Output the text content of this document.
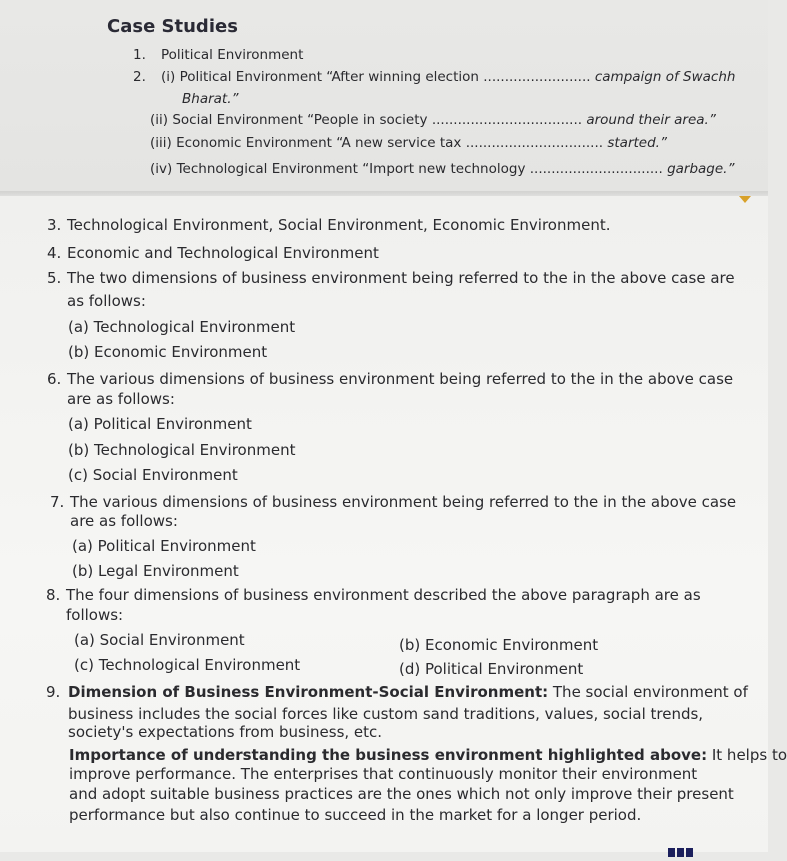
Case Studies
1. Political Environment
2. (i) Political Environment “After winning election ......................... campaign of Swachh
Bharat.”
(ii) Social Environment “People in society ................................... around their area.”
(iii) Economic Environment “A new service tax ................................ started.”
(iv) Technological Environment “Import new technology ............................... garbage.”
3. Technological Environment, Social Environment, Economic Environment.
4. Economic and Technological Environment
5. The two dimensions of business environment being referred to the in the above case are
as follows:
(a) Technological Environment
(b) Economic Environment
6. The various dimensions of business environment being referred to the in the above case
are as follows:
(a) Political Environment
(b) Technological Environment
(c) Social Environment
7. The various dimensions of business environment being referred to the in the above case
are as follows:
(a) Political Environment
(b) Legal Environment
8. The four dimensions of business environment described the above paragraph are as
follows:
(a) Social Environment	(b) Economic Environment
(c) Technological Environment	(d) Political Environment
9. Dimension of Business Environment-Social Environment: The social environment of
business includes the social forces like custom sand traditions, values, social trends,
society's expectations from business, etc.
Importance of understanding the business environment highlighted above: It helps to
improve performance. The enterprises that continuously monitor their environment
and adopt suitable business practices are the ones which not only improve their present
performance but also continue to succeed in the market for a longer period.
